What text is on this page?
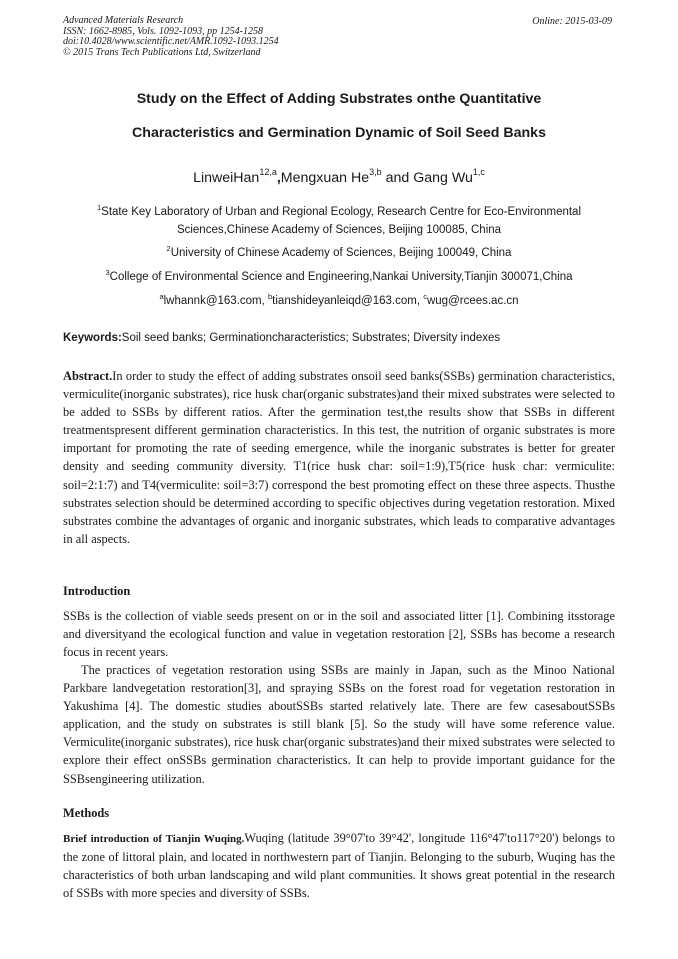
Advanced Materials Research
ISSN: 1662-8985, Vols. 1092-1093, pp 1254-1258
doi:10.4028/www.scientific.net/AMR.1092-1093.1254
© 2015 Trans Tech Publications Ltd, Switzerland
Online: 2015-03-09
Study on the Effect of Adding Substrates onthe Quantitative
Characteristics and Germination Dynamic of Soil Seed Banks
LinweiHan$^{12,a}$,Mengxuan He$^{3,b}$ and Gang Wu$^{1,c}$
$^1$State Key Laboratory of Urban and Regional Ecology, Research Centre for Eco-Environmental Sciences,Chinese Academy of Sciences, Beijing 100085, China
$^2$University of Chinese Academy of Sciences, Beijing 100049, China
$^3$College of Environmental Science and Engineering,Nankai University,Tianjin 300071,China
$^a$lwhannk@163.com, $^b$tianshideyanleiqd@163.com, $^c$wug@rcees.ac.cn
Keywords:Soil seed banks; Germinationcharacteristics; Substrates; Diversity indexes

Abstract.In order to study the effect of adding substrates onsoil seed banks(SSBs) germination characteristics, vermiculite(inorganic substrates), rice husk char(organic substrates)and their mixed substrates were selected to be added to SSBs by different ratios. After the germination test,the results show that SSBs in different treatmentspresent different germination characteristics. In this test, the nutrition of organic substrates is more important for promoting the rate of seeding emergence, while the inorganic substrates is better for greater density and seeding community diversity. T1(rice husk char: soil=1:9),T5(rice husk char: vermiculite: soil=2:1:7) and T4(vermiculite: soil=3:7) correspond the best promoting effect on these three aspects. Thusthe substrates selection should be determined according to specific objectives during vegetation restoration. Mixed substrates combine the advantages of organic and inorganic substrates, which leads to comparative advantages in all aspects.

Introduction

SSBs is the collection of viable seeds present on or in the soil and associated litter [1]. Combining itsstorage and diversityand the ecological function and value in vegetation restoration [2], SSBs has become a research focus in recent years.

The practices of vegetation restoration using SSBs are mainly in Japan, such as the Minoo National Parkbare landvegetation restoration[3], and spraying SSBs on the forest road for vegetation restoration in Yakushima [4]. The domestic studies aboutSSBs started relatively late. There are few casesaboutSSBs application, and the study on substrates is still blank [5]. So the study will have some reference value. Vermiculite(inorganic substrates), rice husk char(organic substrates)and their mixed substrates were selected to explore their effect onSSBs germination characteristics. It can help to provide important guidance for the SSBsengineering utilization.

Methods

Brief introduction of Tianjin Wuqing.Wuqing (latitude 39°07'to 39°42', longitude 116°47'to117°20') belongs to the zone of littoral plain, and located in northwestern part of Tianjin. Belonging to the suburb, Wuqing has the characteristics of both urban landscaping and wild plant communities. It shows great potential in the research of SSBs with more species and diversity of SSBs.
